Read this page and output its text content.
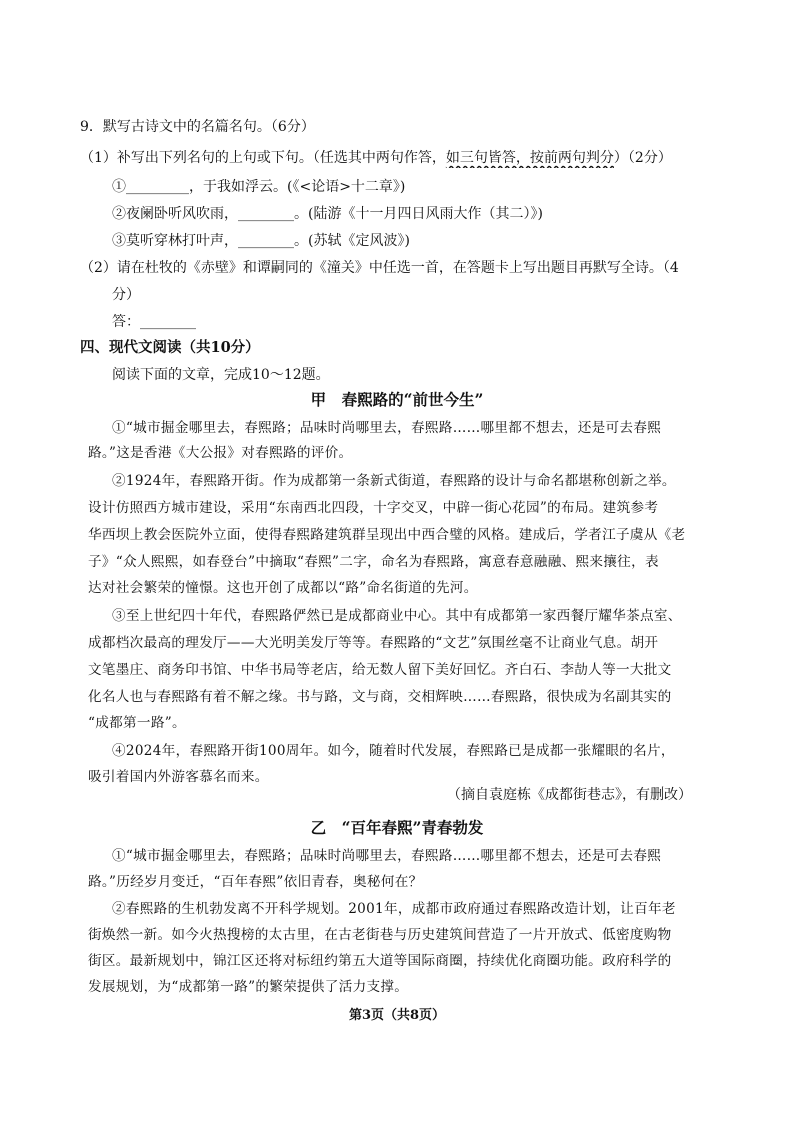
9．默写古诗文中的名篇名句。（6分）
（1）补写出下列名句的上句或下句。（任选其中两句作答，如三句皆答，按前两句判分）（2分）
①_________，于我如浮云。(《<论语>十二章》)
②夜阑卧听风吹雨，________。(陆游《十一月四日风雨大作（其二）》)
③莫听穿林打叶声，________。(苏轼《定风波》)
（2）请在杜牧的《赤壁》和谭嗣同的《潼关》中任选一首，在答题卡上写出题目再默写全诗。（4
分）
答：________
四、现代文阅读（共10分）
阅读下面的文章，完成10～12题。
甲　春熙路的“前世今生”
①“城市掘金哪里去，春熙路；品味时尚哪里去，春熙路……哪里都不想去，还是可去春熙
路。”这是香港《大公报》对春熙路的评价。
②1924年，春熙路开街。作为成都第一条新式街道，春熙路的设计与命名都堪称创新之举。
设计仿照西方城市建设，采用“东南西北四段，十字交叉，中辟一街心花园”的布局。建筑参考
华西坝上教会医院外立面，使得春熙路建筑群呈现出中西合璧的风格。建成后，学者江子虞从《老
子》“众人熙熙，如春登台”中摘取“春熙”二字，命名为春熙路，寓意春意融融、熙来攘往，表
达对社会繁荣的憧憬。这也开创了成都以“路”命名街道的先河。
③至上世纪四十年代，春熙路俨然已是成都商业中心。其中有成都第一家西餐厅耀华茶点室、
成都档次最高的理发厅——大光明美发厅等等。春熙路的“文艺”氛围丝毫不让商业气息。胡开
文笔墨庄、商务印书馆、中华书局等老店，给无数人留下美好回忆。齐白石、李劼人等一大批文
化名人也与春熙路有着不解之缘。书与路，文与商，交相辉映……春熙路，很快成为名副其实的
“成都第一路”。
④2024年，春熙路开街100周年。如今，随着时代发展，春熙路已是成都一张耀眼的名片，
吸引着国内外游客慕名而来。
（摘自袁庭栋《成都街巷志》，有删改）
乙　“百年春熙”青春勃发
①“城市掘金哪里去，春熙路；品味时尚哪里去，春熙路……哪里都不想去，还是可去春熙
路。”历经岁月变迁，“百年春熙”依旧青春，奥秘何在？
②春熙路的生机勃发离不开科学规划。2001年，成都市政府通过春熙路改造计划，让百年老
街焕然一新。如今火热搜榜的太古里，在古老街巷与历史建筑间营造了一片开放式、低密度购物
街区。最新规划中，锦江区还将对标纽约第五大道等国际商圈，持续优化商圈功能。政府科学的
发展规划，为“成都第一路”的繁荣提供了活力支撑。
第3页（共8页）
